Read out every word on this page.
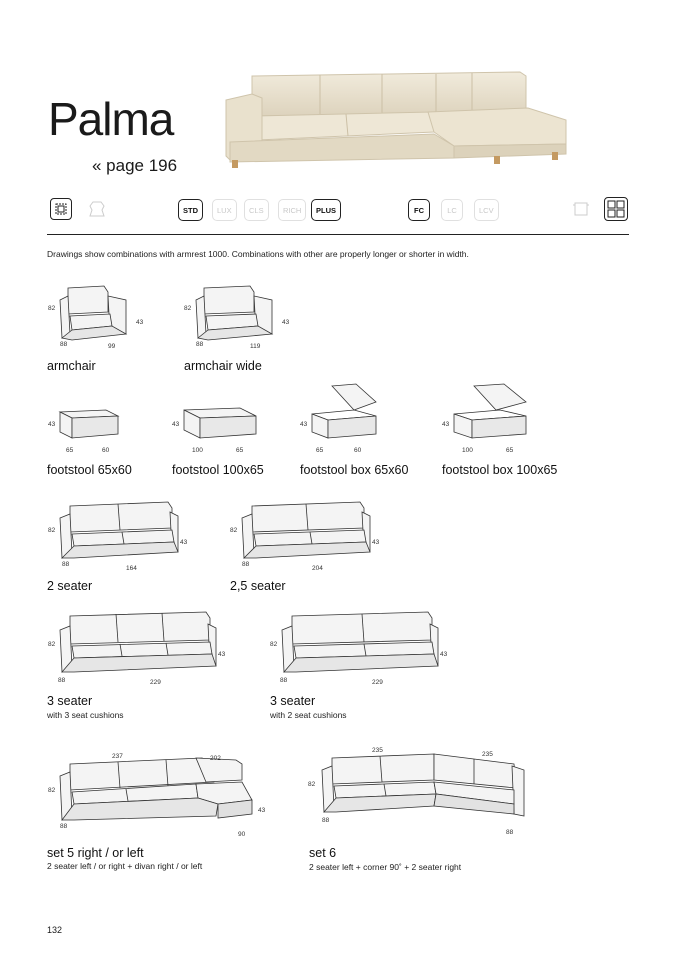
Palma
« page 196
STD	LUX	CLS	RICH	PLUS	FC	LC	LCV
Drawings show combinations with armrest 1000. Combinations with other are properly longer or shorter in width.
82
43
88	99
armchair
82
43
88	119
armchair wide
43
65	60
footstool 65x60
43
100	65
footstool 100x65
43
65	60
footstool box 65x60
43
100	65
footstool box 100x65
82
43
88
164
2 seater
82
43
88
204
2,5 seater
82
43
88	229
3 seater
with 3 seat cushions
82
43
88	229
3 seater
with 2 seat cushions
237	202
82
43
88
90
set 5 right / or left
2 seater left / or right + divan right / or left
235
235
82
88
88
set 6
2 seater left + corner 90˚ + 2 seater right
132
